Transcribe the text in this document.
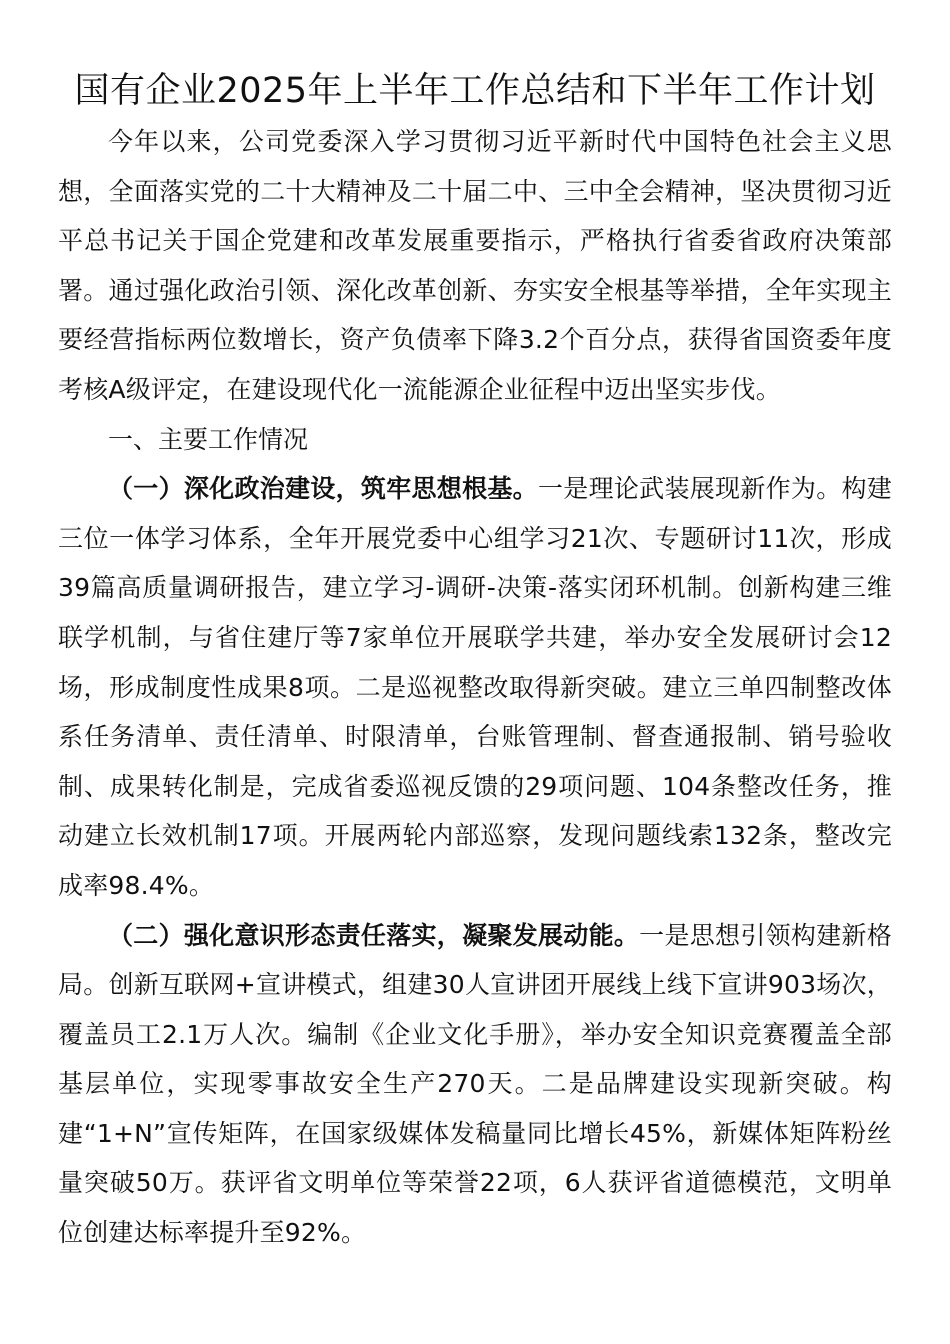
国有企业2025年上半年工作总结和下半年工作计划

今年以来，公司党委深入学习贯彻习近平新时代中国特色社会主义思想，全面落实党的二十大精神及二十届二中、三中全会精神，坚决贯彻习近平总书记关于国企党建和改革发展重要指示，严格执行省委省政府决策部署。通过强化政治引领、深化改革创新、夯实安全根基等举措，全年实现主要经营指标两位数增长，资产负债率下降3.2个百分点，获得省国资委年度考核A级评定，在建设现代化一流能源企业征程中迈出坚实步伐。

一、主要工作情况

（一）深化政治建设，筑牢思想根基。一是理论武装展现新作为。构建三位一体学习体系，全年开展党委中心组学习21次、专题研讨11次，形成39篇高质量调研报告，建立学习-调研-决策-落实闭环机制。创新构建三维联学机制，与省住建厅等7家单位开展联学共建，举办安全发展研讨会12场，形成制度性成果8项。二是巡视整改取得新突破。建立三单四制整改体系任务清单、责任清单、时限清单，台账管理制、督查通报制、销号验收制、成果转化制是，完成省委巡视反馈的29项问题、104条整改任务，推动建立长效机制17项。开展两轮内部巡察，发现问题线索132条，整改完成率98.4%。

（二）强化意识形态责任落实，凝聚发展动能。一是思想引领构建新格局。创新互联网+宣讲模式，组建30人宣讲团开展线上线下宣讲903场次，覆盖员工2.1万人次。编制《企业文化手册》，举办安全知识竞赛覆盖全部基层单位，实现零事故安全生产270天。二是品牌建设实现新突破。构建“1+N”宣传矩阵，在国家级媒体发稿量同比增长45%，新媒体矩阵粉丝量突破50万。获评省文明单位等荣誉22项，6人获评省道德模范，文明单位创建达标率提升至92%。
